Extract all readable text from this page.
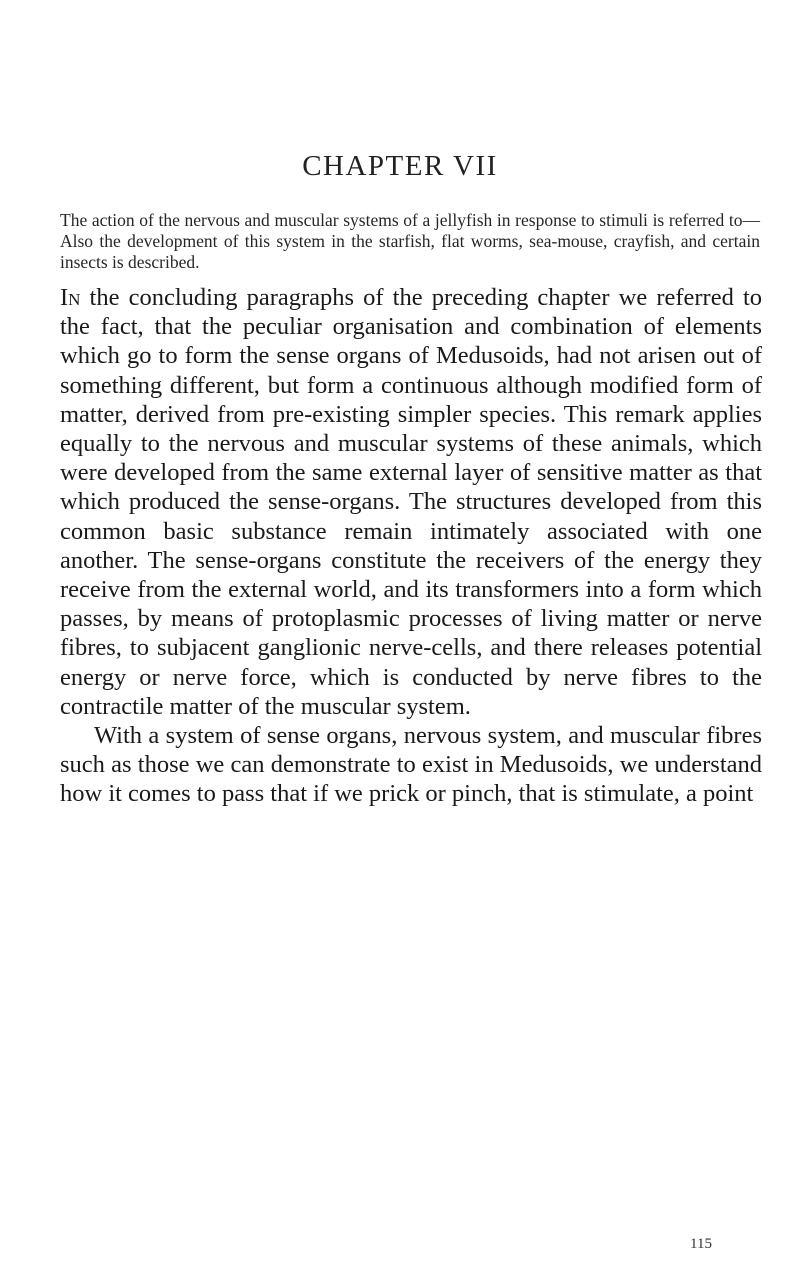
CHAPTER VII

The action of the nervous and muscular systems of a jellyfish in response to stimuli is referred to—Also the development of this system in the starfish, flat worms, sea-mouse, crayfish, and certain insects is described.

In the concluding paragraphs of the preceding chapter we referred to the fact, that the peculiar organisation and combination of elements which go to form the sense organs of Medusoids, had not arisen out of something different, but form a continuous although modified form of matter, derived from pre-existing simpler species. This remark applies equally to the nervous and muscular systems of these animals, which were developed from the same external layer of sensitive matter as that which produced the sense-organs. The structures developed from this common basic substance remain intimately associated with one another. The sense-organs constitute the receivers of the energy they receive from the external world, and its transformers into a form which passes, by means of protoplasmic processes of living matter or nerve fibres, to subjacent ganglionic nerve-cells, and there releases potential energy or nerve force, which is conducted by nerve fibres to the contractile matter of the muscular system.

With a system of sense organs, nervous system, and muscular fibres such as those we can demonstrate to exist in Medusoids, we understand how it comes to pass that if we prick or pinch, that is stimulate, a point

115
